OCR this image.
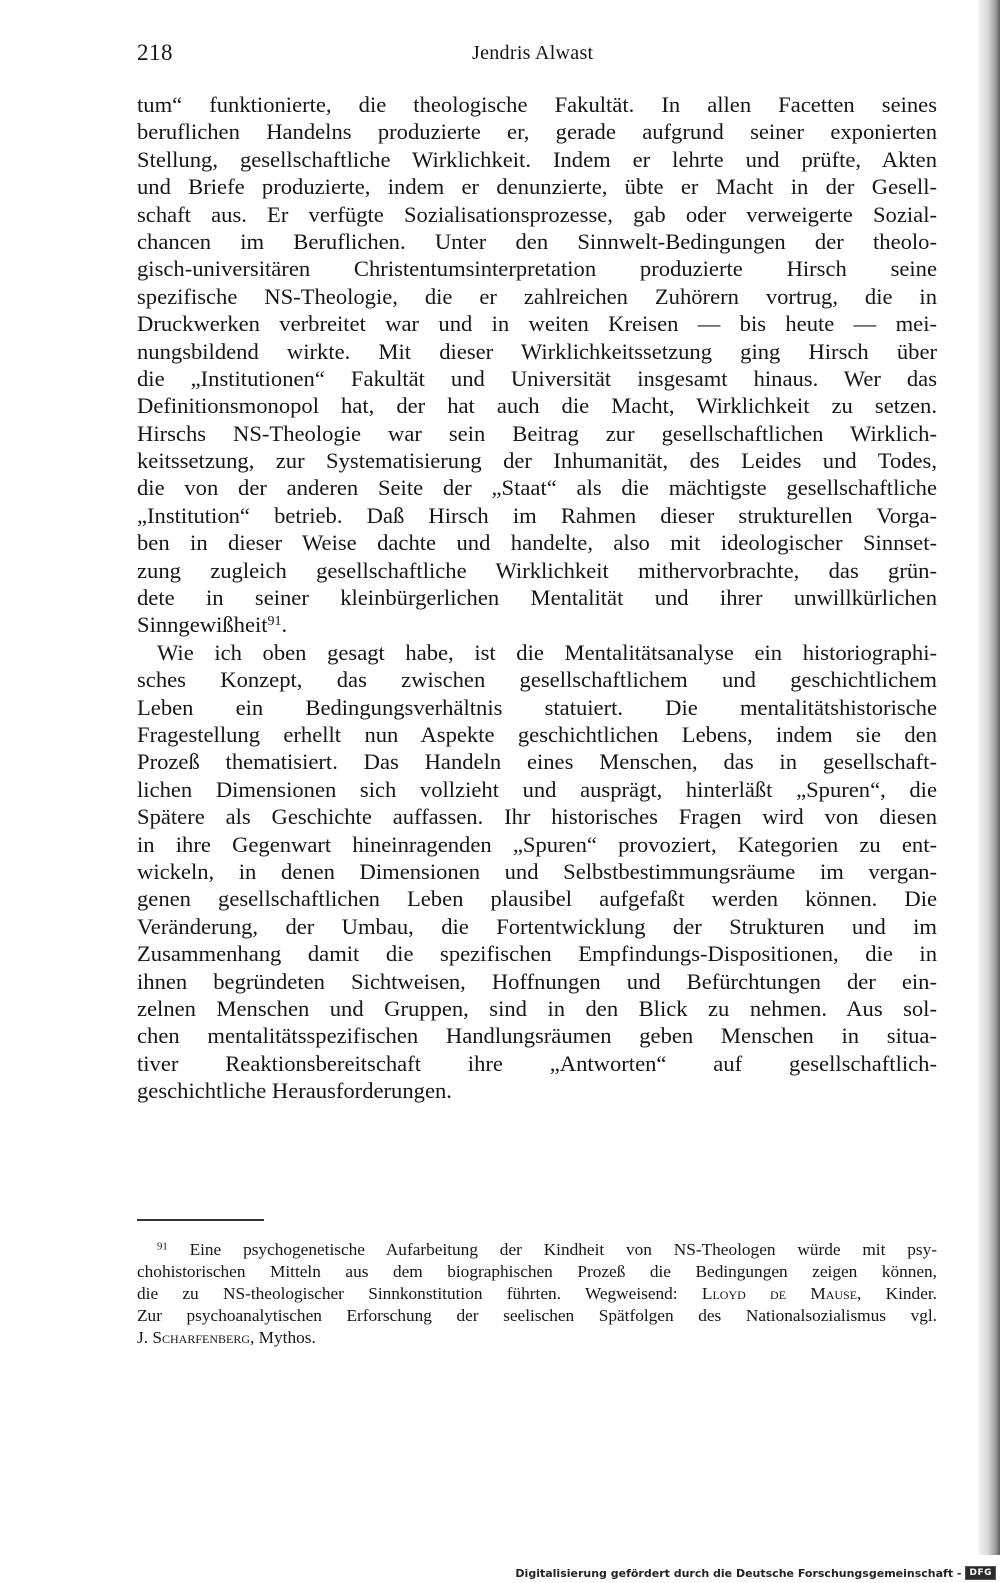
218	Jendris Alwast
tum“ funktionierte, die theologische Fakultät. In allen Facetten seines
beruflichen Handelns produzierte er, gerade aufgrund seiner exponierten
Stellung, gesellschaftliche Wirklichkeit. Indem er lehrte und prüfte, Akten
und Briefe produzierte, indem er denunzierte, übte er Macht in der Gesell-
schaft aus. Er verfügte Sozialisationsprozesse, gab oder verweigerte Sozial-
chancen im Beruflichen. Unter den Sinnwelt-Bedingungen der theolo-
gisch-universitären Christentumsinterpretation produzierte Hirsch seine
spezifische NS-Theologie, die er zahlreichen Zuhörern vortrug, die in
Druckwerken verbreitet war und in weiten Kreisen — bis heute — mei-
nungsbildend wirkte. Mit dieser Wirklichkeitssetzung ging Hirsch über
die „Institutionen“ Fakultät und Universität insgesamt hinaus. Wer das
Definitionsmonopol hat, der hat auch die Macht, Wirklichkeit zu setzen.
Hirschs NS-Theologie war sein Beitrag zur gesellschaftlichen Wirklich-
keitssetzung, zur Systematisierung der Inhumanität, des Leides und Todes,
die von der anderen Seite der „Staat“ als die mächtigste gesellschaftliche
„Institution“ betrieb. Daß Hirsch im Rahmen dieser strukturellen Vorga-
ben in dieser Weise dachte und handelte, also mit ideologischer Sinnset-
zung zugleich gesellschaftliche Wirklichkeit mithervorbrachte, das grün-
dete in seiner kleinbürgerlichen Mentalität und ihrer unwillkürlichen
Sinngewißheit$^{91}$.
Wie ich oben gesagt habe, ist die Mentalitätsanalyse ein historiographi-
sches Konzept, das zwischen gesellschaftlichem und geschichtlichem
Leben ein Bedingungsverhältnis statuiert. Die mentalitätshistorische
Fragestellung erhellt nun Aspekte geschichtlichen Lebens, indem sie den
Prozeß thematisiert. Das Handeln eines Menschen, das in gesellschaft-
lichen Dimensionen sich vollzieht und ausprägt, hinterläßt „Spuren“, die
Spätere als Geschichte auffassen. Ihr historisches Fragen wird von diesen
in ihre Gegenwart hineinragenden „Spuren“ provoziert, Kategorien zu ent-
wickeln, in denen Dimensionen und Selbstbestimmungsräume im vergan-
genen gesellschaftlichen Leben plausibel aufgefaßt werden können. Die
Veränderung, der Umbau, die Fortentwicklung der Strukturen und im
Zusammenhang damit die spezifischen Empfindungs-Dispositionen, die in
ihnen begründeten Sichtweisen, Hoffnungen und Befürchtungen der ein-
zelnen Menschen und Gruppen, sind in den Blick zu nehmen. Aus sol-
chen mentalitätsspezifischen Handlungsräumen geben Menschen in situa-
tiver Reaktionsbereitschaft ihre „Antworten“ auf gesellschaftlich-
geschichtliche Herausforderungen.
$^{91}$ Eine psychogenetische Aufarbeitung der Kindheit von NS-Theologen würde mit psy-
chohistorischen Mitteln aus dem biographischen Prozeß die Bedingungen zeigen können,
die zu NS-theologischer Sinnkonstitution führten. Wegweisend: Lloyd de Mause, Kinder.
Zur psychoanalytischen Erforschung der seelischen Spätfolgen des Nationalsozialismus vgl.
J. Scharfenberg, Mythos.
Digitalisierung gefördert durch die Deutsche Forschungsgemeinschaft - DFG
